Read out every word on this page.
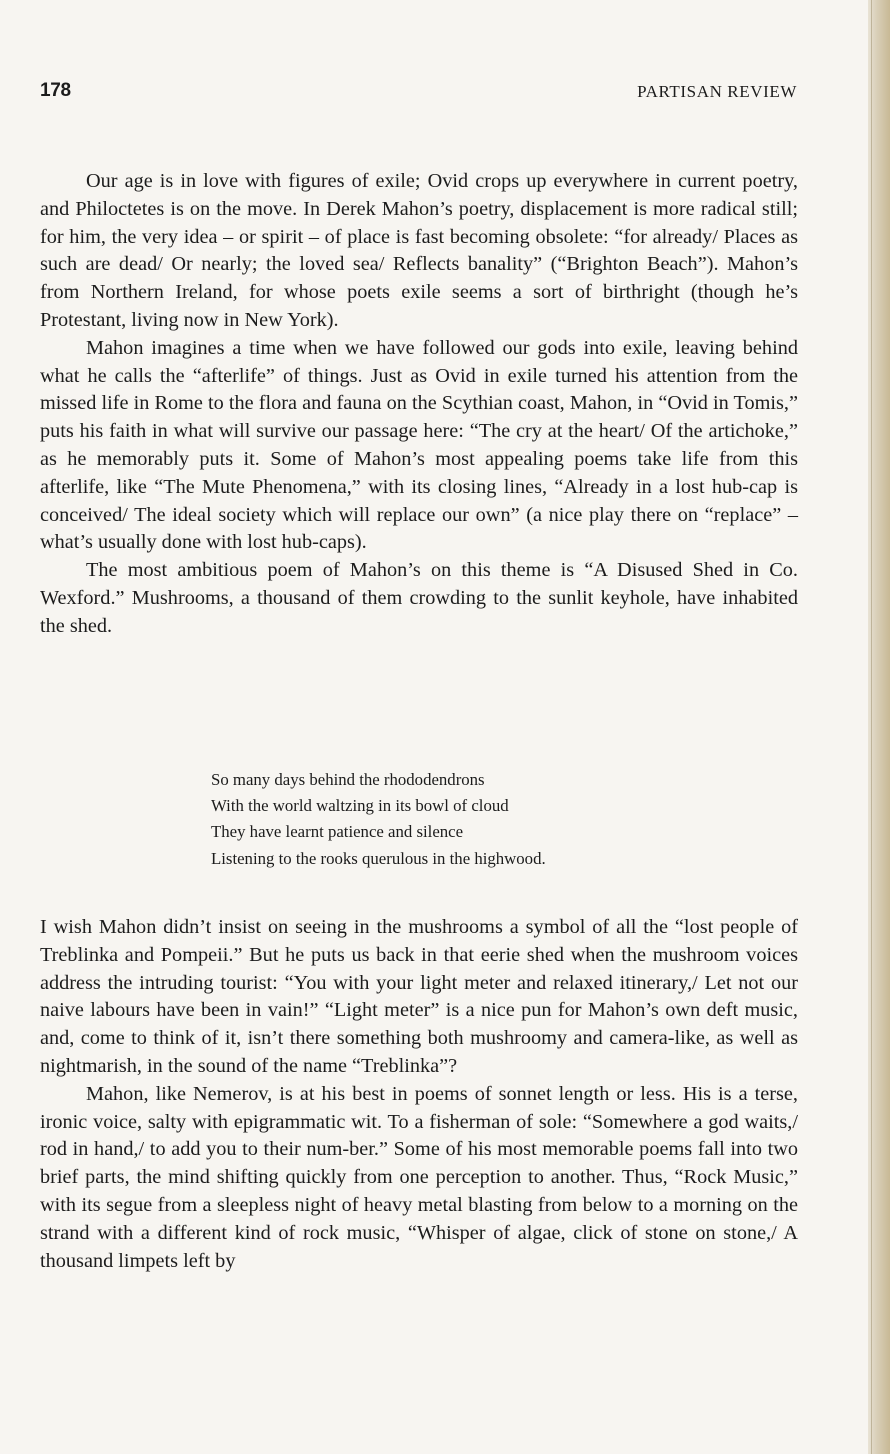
178	PARTISAN REVIEW

Our age is in love with figures of exile; Ovid crops up everywhere in current poetry, and Philoctetes is on the move. In Derek Mahon’s poetry, displacement is more radical still; for him, the very idea – or spirit – of place is fast becoming obsolete: “for already/ Places as such are dead/ Or nearly; the loved sea/ Reflects banality” (“Brighton Beach”). Mahon’s from Northern Ireland, for whose poets exile seems a sort of birthright (though he’s Protestant, living now in New York).

Mahon imagines a time when we have followed our gods into exile, leaving behind what he calls the “afterlife” of things. Just as Ovid in exile turned his attention from the missed life in Rome to the flora and fauna on the Scythian coast, Mahon, in “Ovid in Tomis,” puts his faith in what will survive our passage here: “The cry at the heart/ Of the artichoke,” as he memorably puts it. Some of Mahon’s most appealing poems take life from this afterlife, like “The Mute Phenomena,” with its closing lines, “Already in a lost hub-cap is conceived/ The ideal society which will replace our own” (a nice play there on “replace” – what’s usually done with lost hub-caps).

The most ambitious poem of Mahon’s on this theme is “A Disused Shed in Co. Wexford.” Mushrooms, a thousand of them crowding to the sunlit keyhole, have inhabited the shed.

So many days behind the rhododendrons
With the world waltzing in its bowl of cloud
They have learnt patience and silence
Listening to the rooks querulous in the highwood.

I wish Mahon didn’t insist on seeing in the mushrooms a symbol of all the “lost people of Treblinka and Pompeii.” But he puts us back in that eerie shed when the mushroom voices address the intruding tourist: “You with your light meter and relaxed itinerary,/ Let not our naive labours have been in vain!” “Light meter” is a nice pun for Mahon’s own deft music, and, come to think of it, isn’t there something both mushroomy and camera-like, as well as nightmarish, in the sound of the name “Treblinka”?

Mahon, like Nemerov, is at his best in poems of sonnet length or less. His is a terse, ironic voice, salty with epigrammatic wit. To a fisherman of sole: “Somewhere a god waits,/ rod in hand,/ to add you to their num-ber.” Some of his most memorable poems fall into two brief parts, the mind shifting quickly from one perception to another. Thus, “Rock Music,” with its segue from a sleepless night of heavy metal blasting from below to a morning on the strand with a different kind of rock music, “Whisper of algae, click of stone on stone,/ A thousand limpets left by
